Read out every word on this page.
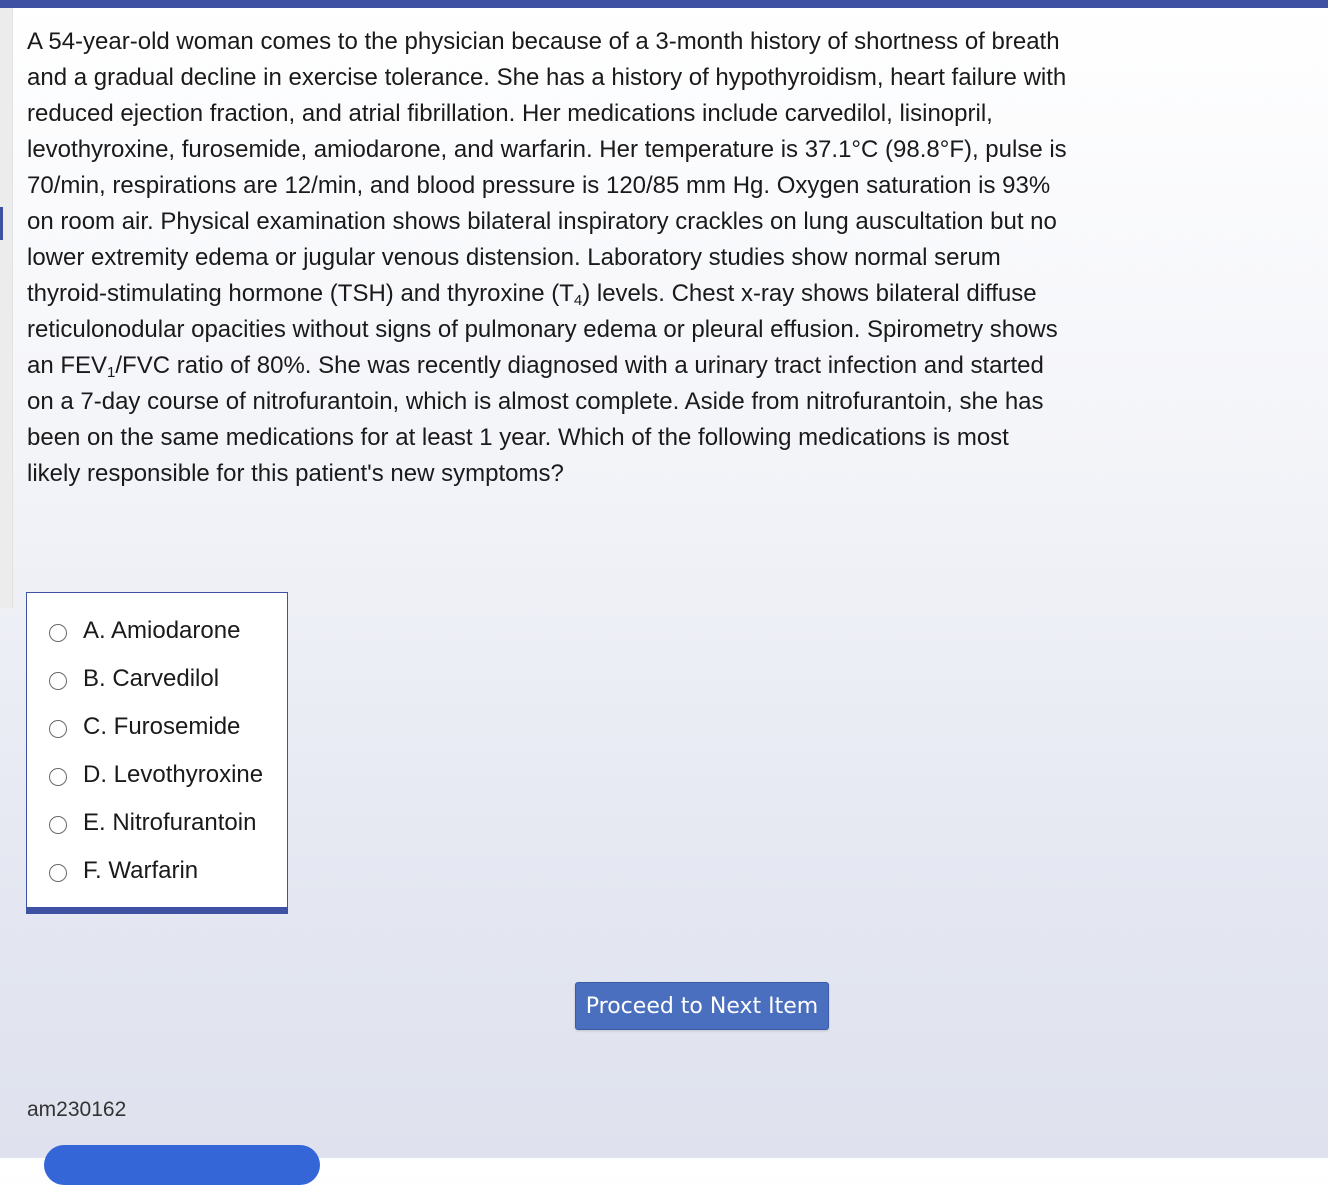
A 54-year-old woman comes to the physician because of a 3-month history of shortness of breath and a gradual decline in exercise tolerance. She has a history of hypothyroidism, heart failure with reduced ejection fraction, and atrial fibrillation. Her medications include carvedilol, lisinopril, levothyroxine, furosemide, amiodarone, and warfarin. Her temperature is 37.1°C (98.8°F), pulse is 70/min, respirations are 12/min, and blood pressure is 120/85 mm Hg. Oxygen saturation is 93% on room air. Physical examination shows bilateral inspiratory crackles on lung auscultation but no lower extremity edema or jugular venous distension. Laboratory studies show normal serum thyroid-stimulating hormone (TSH) and thyroxine $(T_4)$ levels. Chest x-ray shows bilateral diffuse reticulonodular opacities without signs of pulmonary edema or pleural effusion. Spirometry shows an $FEV_1$/FVC ratio of 80%. She was recently diagnosed with a urinary tract infection and started on a 7-day course of nitrofurantoin, which is almost complete. Aside from nitrofurantoin, she has been on the same medications for at least 1 year. Which of the following medications is most likely responsible for this patient's new symptoms?

A. Amiodarone
B. Carvedilol
C. Furosemide
D. Levothyroxine
E. Nitrofurantoin
F. Warfarin
Proceed to Next Item
am230162
